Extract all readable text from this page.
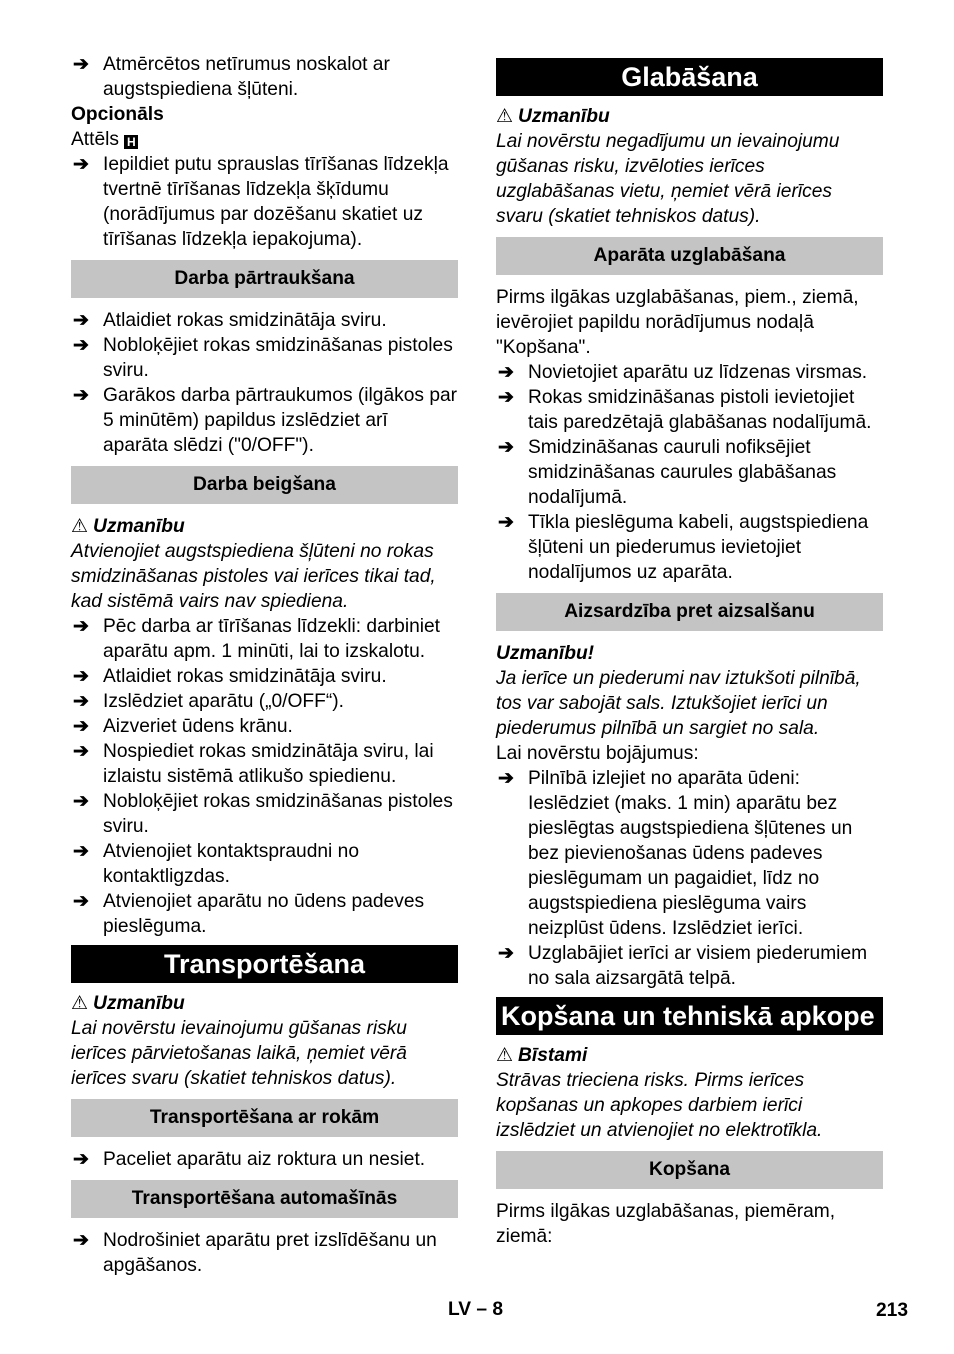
➔ Atmērcētos netīrumus noskalot ar augstspiediena šļūteni.

Opcionāls

Attēls H

➔ Iepildiet putu sprauslas tīrīšanas līdzekļa tvertnē tīrīšanas līdzekļa šķīdumu (norādījumus par dozēšanu skatiet uz tīrīšanas līdzekļa iepakojuma).
Darba pārtraukšana
➔ Atlaidiet rokas smidzinātāja sviru.
➔ Nobloķējiet rokas smidzināšanas pistoles sviru.
➔ Garākos darba pārtraukumos (ilgākos par 5 minūtēm) papildus izslēdziet arī aparāta slēdzi ("0/OFF").
Darba beigšana

⚠ Uzmanību

Atvienojiet augstspiediena šļūteni no rokas smidzināšanas pistoles vai ierīces tikai tad, kad sistēmā vairs nav spiediena.

➔ Pēc darba ar tīrīšanas līdzekli: darbiniet aparātu apm. 1 minūti, lai to izskalotu.
➔ Atlaidiet rokas smidzinātāja sviru.
➔ Izslēdziet aparātu („0/OFF“).
➔ Aizveriet ūdens krānu.
➔ Nospiediet rokas smidzinātāja sviru, lai izlaistu sistēmā atlikušo spiedienu.
➔ Nobloķējiet rokas smidzināšanas pistoles sviru.
➔ Atvienojiet kontaktspraudni no kontaktligzdas.
➔ Atvienojiet aparātu no ūdens padeves pieslēguma.
Transportēšana

⚠ Uzmanību

Lai novērstu ievainojumu gūšanas risku ierīces pārvietošanas laikā, ņemiet vērā ierīces svaru (skatiet tehniskos datus).

Transportēšana ar rokām
➔ Paceliet aparātu aiz roktura un nesiet.
Transportēšana automašīnās
➔ Nodrošiniet aparātu pret izslīdēšanu un apgāšanos.
Glabāšana

⚠ Uzmanību

Lai novērstu negadījumu un ievainojumu gūšanas risku, izvēloties ierīces uzglabāšanas vietu, ņemiet vērā ierīces svaru (skatiet tehniskos datus).

Aparāta uzglabāšana

Pirms ilgākas uzglabāšanas, piem., ziemā, ievērojiet papildu norādījumus nodaļā "Kopšana".

➔ Novietojiet aparātu uz līdzenas virsmas.
➔ Rokas smidzināšanas pistoli ievietojiet tais paredzētajā glabāšanas nodalījumā.
➔ Smidzināšanas cauruli nofiksējiet smidzināšanas caurules glabāšanas nodalījumā.
➔ Tīkla pieslēguma kabeli, augstspiediena šļūteni un piederumus ievietojiet nodalījumos uz aparāta.
Aizsardzība pret aizsalšanu

Uzmanību!

Ja ierīce un piederumi nav iztukšoti pilnībā, tos var sabojāt sals. Iztukšojiet ierīci un piederumus pilnībā un sargiet no sala.

Lai novērstu bojājumus:

➔ Pilnībā izlejiet no aparāta ūdeni: Ieslēdziet (maks. 1 min) aparātu bez pieslēgtas augstspiediena šļūtenes un bez pievienošanas ūdens padeves pieslēgumam un pagaidiet, līdz no augstspiediena pieslēguma vairs neizplūst ūdens. Izslēdziet ierīci.
➔ Uzglabājiet ierīci ar visiem piederumiem no sala aizsargātā telpā.
Kopšana un tehniskā apkope

⚠ Bīstami

Strāvas trieciena risks. Pirms ierīces kopšanas un apkopes darbiem ierīci izslēdziet un atvienojiet no elektrotīkla.

Kopšana

Pirms ilgākas uzglabāšanas, piemēram, ziemā:

LV – 8	213
